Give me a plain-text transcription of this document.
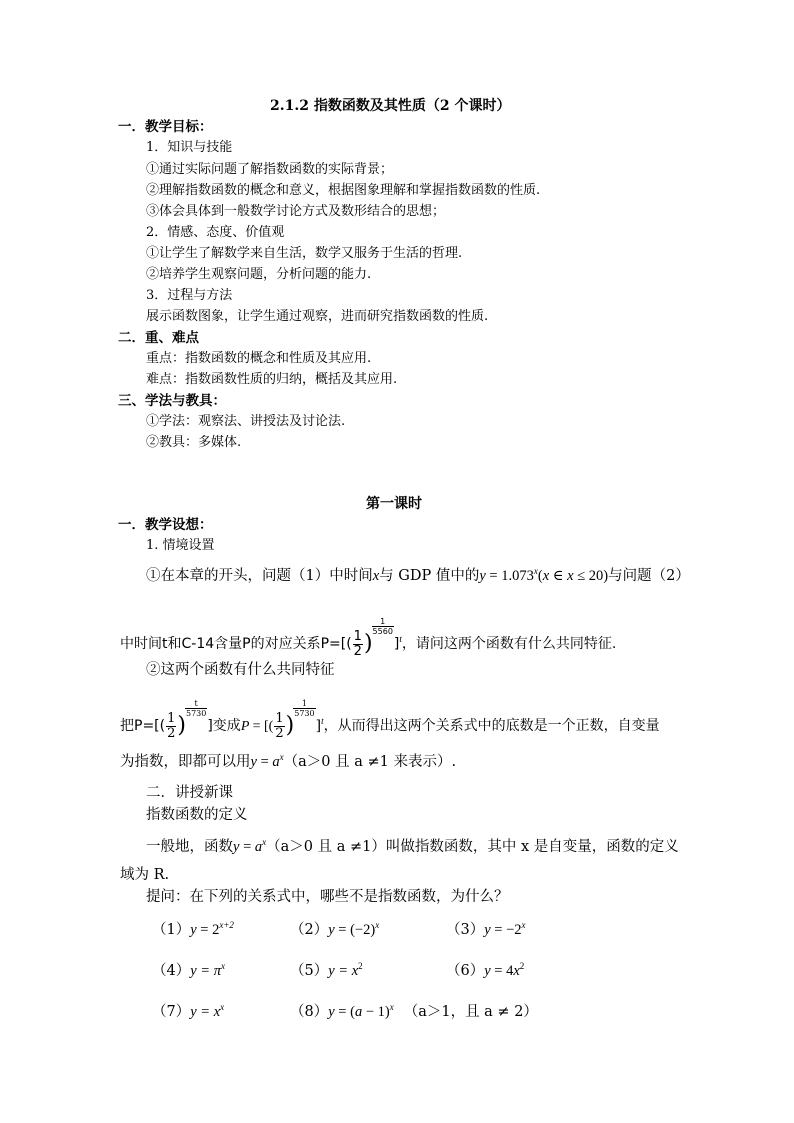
2.1.2 指数函数及其性质（2 个课时）
一．教学目标：
1．知识与技能
①通过实际问题了解指数函数的实际背景；
②理解指数函数的概念和意义，根据图象理解和掌握指数函数的性质.
③体会具体到一般数学讨论方式及数形结合的思想；
2．情感、态度、价值观
①让学生了解数学来自生活，数学又服务于生活的哲理.
②培养学生观察问题，分析问题的能力.
3．过程与方法
展示函数图象，让学生通过观察，进而研究指数函数的性质.
二．重、难点
重点：指数函数的概念和性质及其应用.
难点：指数函数性质的归纳，概括及其应用.
三、学法与教具：
①学法：观察法、讲授法及讨论法.
②教具：多媒体.
第一课时
一．教学设想：
1. 情境设置
①在本章的开头，问题（1）中时间x与 GDP 值中的$y = 1.073^x(x$ ∈ x ≤ 20)与问题（2）
中时间t和C-14含量P的对应关系$P=[( \frac{1}{2}$ )
$\frac{1}{5560}$
]$^t$，请问这两个函数有什么共同特征.
②这两个函数有什么共同特征
把$P=[( \frac{1}{2}$ )
$\frac{t}{5730}$
]变成P = [( $\frac{1}{2}$ )
$\frac{1}{5730}$
]$^t$，从而得出这两个关系式中的底数是一个正数，自变量
为指数，即都可以用$y = a^x(a>0$ 且 a ≠1 来表示）.
二．讲授新课
指数函数的定义
一般地，函数$y = a^x(a>0$ 且 a ≠1）叫做指数函数，其中 x 是自变量，函数的定义
域为 R.
提问：在下列的关系式中，哪些不是指数函数，为什么？
$(1)y = 2^{x+2}$	$(2)y = (-2)^x$	$(3)y = -2^x$
$(4)y = \pi^x$	$(5)y = x^2$	$(6)y = 4x^2$
$(7)y = x^x$	$(8)y = (a - 1)^x$ （a＞1，且 a ≠ 2）
